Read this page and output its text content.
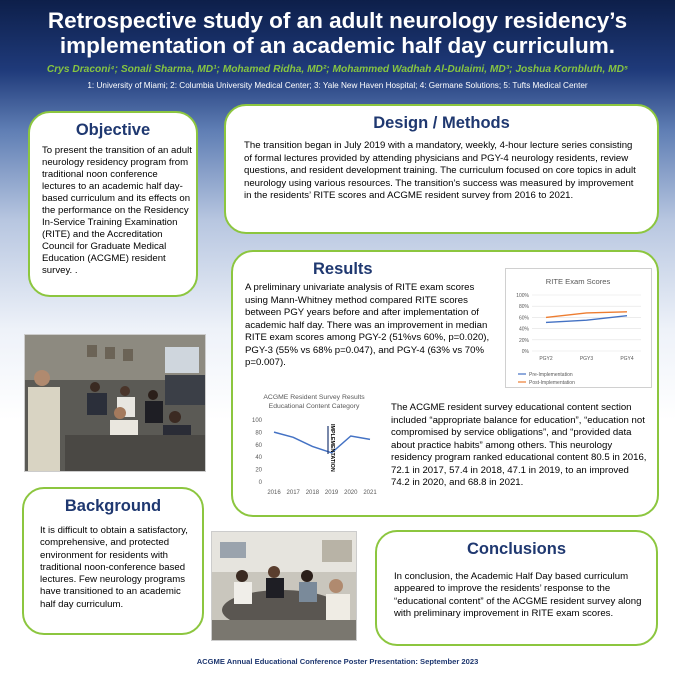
Retrospective study of an adult neurology residency’s
implementation of an academic half day curriculum.
Crys Draconi⁴; Sonali Sharma, MD¹; Mohamed Ridha, MD²; Mohammed Wadhah Al-Dulaimi, MD³; Joshua Kornbluth, MD⁵
1: University of Miami; 2: Columbia University Medical Center; 3: Yale New Haven Hospital; 4: Germane Solutions; 5: Tufts Medical Center
Objective
To present the transition of an adult neurology residency program from traditional noon conference lectures to an academic half day-based curriculum and its effects on the performance on the Residency In-Service Training Examination (RITE) and the Accreditation Council for Graduate Medical Education (ACGME) resident survey. .
Design / Methods
The transition began in July 2019 with a mandatory, weekly, 4-hour lecture series consisting of formal lectures provided by attending physicians and PGY-4 neurology residents, review questions, and resident development training. The curriculum focused on core topics in adult neurology using various resources. The transition’s success was measured by improvement in the residents’ RITE scores and ACGME resident survey from 2016 to 2021.
Results
A preliminary univariate analysis of RITE exam scores using Mann-Whitney method compared RITE scores between PGY years before and after implementation of academic half day. There was an improvement in median RITE exam scores among PGY-2 (51%vs 60%, p=0.020), PGY-3 (55% vs 68% p=0.047), and PGY-4 (63% vs 70% p=0.007).
The ACGME resident survey educational content section included “appropriate balance for education”, “education not compromised by service obligations”, and “provided data about practice habits” among others. This neurology residency program ranked educational content 80.5 in 2016, 72.1 in 2017, 57.4 in 2018, 47.1 in 2019, to an improved 74.2 in 2020, and 68.8 in 2021.
RITE Exam Scores
0%
20%
40%
60%
80%
100%
PGY2	PGY3	PGY4
Pre-Implementation
Post-Implementation
ACGME Resident Survey Results
Educational Content Category
0
20
40
60
80
100
2016 2017 2018 2019 2020 2021
IMPLEMENTATION
Background
It is difficult to obtain a satisfactory, comprehensive, and protected environment for residents with traditional noon-conference based lectures. Few neurology programs have transitioned to an academic half day curriculum.
Conclusions
In conclusion, the Academic Half Day based curriculum appeared to improve the residents’ response to the “educational content” of the ACGME resident survey along with preliminary improvement in RITE exam scores.
ACGME Annual Educational Conference Poster Presentation: September 2023
